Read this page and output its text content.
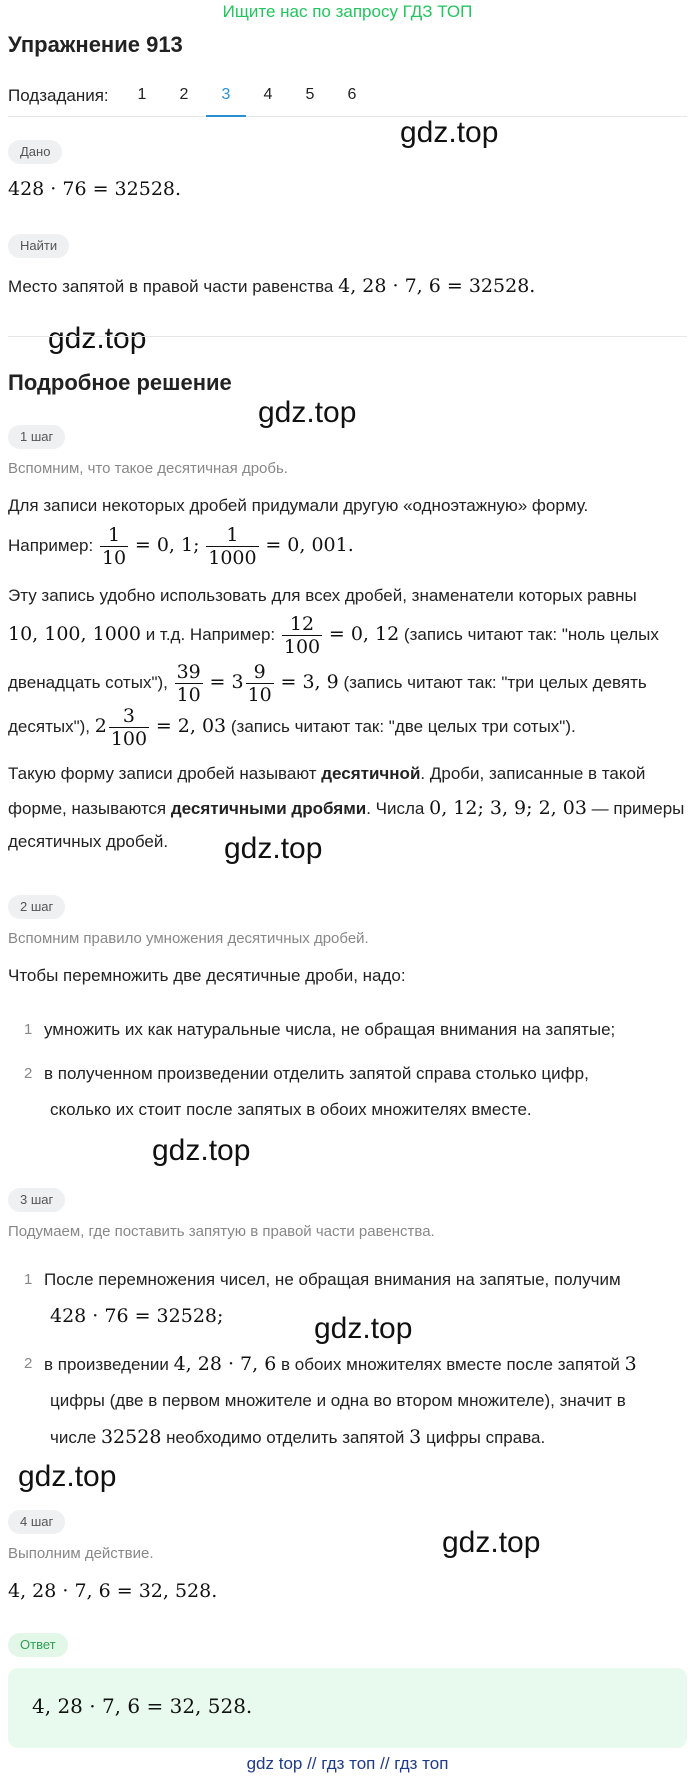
Ищите нас по запросу ГДЗ ТОП
Упражнение 913
Подзадания:	1	2	3	4	5	6
gdz.top
gdz.top
gdz.top
gdz.top
gdz.top
gdz.top
gdz.top
gdz.top
Дано
428 · 76 = 32528.
Найти
Место запятой в правой части равенства 4, 28 · 7, 6 = 32528.
Подробное решение
1 шаг
Вспомним, что такое десятичная дробь.
Для записи некоторых дробей придумали другую «одноэтажную» форму.
Например: $\frac{1}{10} = 0$, 1; $\frac{1}{1000} = 0$, 001.
Эту запись удобно использовать для всех дробей, знаменатели которых равны
10, 100, 1000 и т.д. Например: $\frac{12}{100} = 0$, 12 (запись читают так: "ноль целых
двенадцать сотых"), $\frac{39}{10} = 3 \frac{9}{10} = 3$, 9 (запись читают так: "три целых девять
десятых"), $2 \frac{3}{100} = 2$, 03 (запись читают так: "две целых три сотых").
Такую форму записи дробей называют десятичной. Дроби, записанные в такой
форме, называются десятичными дробями. Числа 0, 12; 3, 9; 2, 03 — примеры
десятичных дробей.
2 шаг
Вспомним правило умножения десятичных дробей.
Чтобы перемножить две десятичные дроби, надо:
1 умножить их как натуральные числа, не обращая внимания на запятые;
2 в полученном произведении отделить запятой справа столько цифр,
сколько их стоит после запятых в обоих множителях вместе.
3 шаг
Подумаем, где поставить запятую в правой части равенства.
1 После перемножения чисел, не обращая внимания на запятые, получим
428 · 76 = 32528;
2 в произведении 4, 28 · 7, 6 в обоих множителях вместе после запятой 3
цифры (две в первом множителе и одна во втором множителе), значит в
числе 32528 необходимо отделить запятой 3 цифры справа.
4 шаг
Выполним действие.
4, 28 · 7, 6 = 32, 528.
Ответ
4, 28 · 7, 6 = 32, 528.
gdz top // гдз топ // гдз топ
